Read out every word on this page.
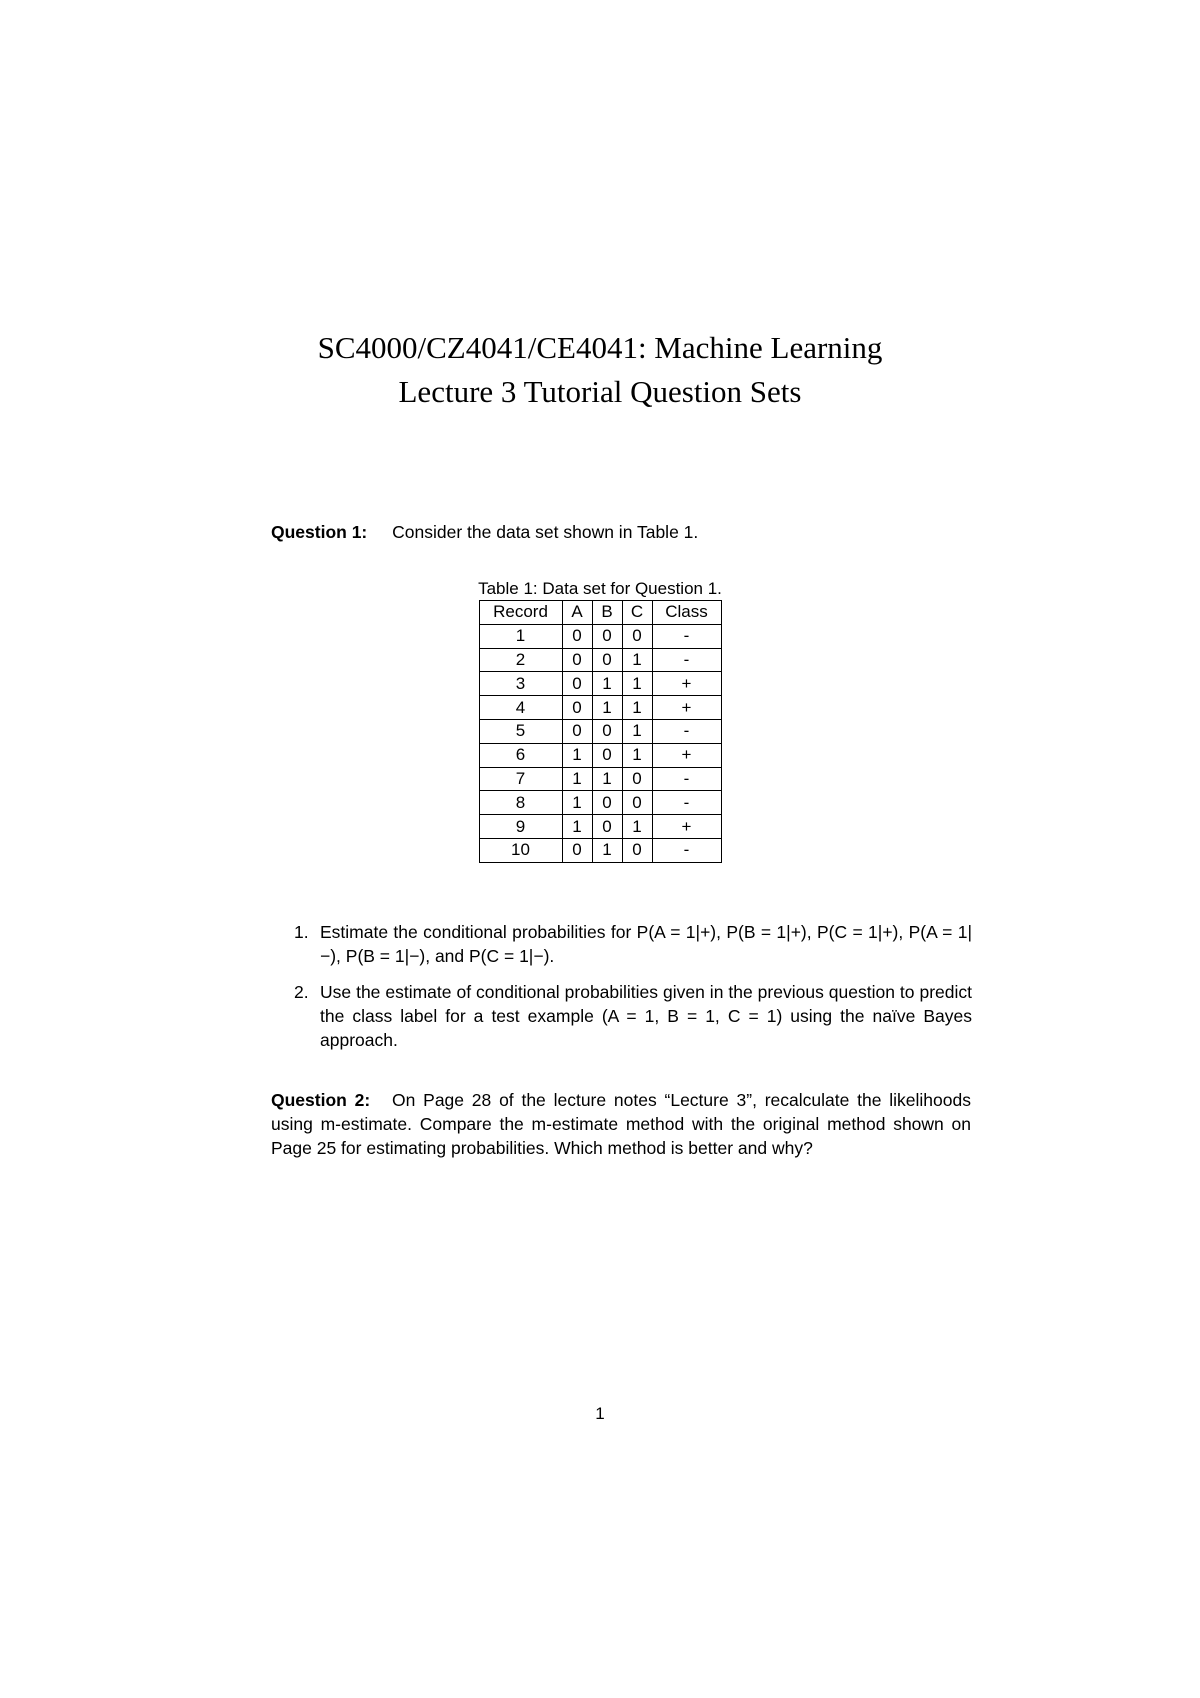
SC4000/CZ4041/CE4041: Machine Learning
Lecture 3 Tutorial Question Sets
Question 1: Consider the data set shown in Table 1.
Table 1: Data set for Question 1.
Record	A	B	C	Class
1	0	0	0	-
2	0	0	1	-
3	0	1	1	+
4	0	1	1	+
5	0	0	1	-
6	1	0	1	+
7	1	1	0	-
8	1	0	0	-
9	1	0	1	+
10	0	1	0	-
1. Estimate the conditional probabilities for P(A = 1|+), P(B = 1|+), P(C = 1|+), P(A = 1|−), P(B = 1|−), and P(C = 1|−).
2. Use the estimate of conditional probabilities given in the previous question to predict the class label for a test example (A = 1, B = 1, C = 1) using the naïve Bayes approach.
Question 2: On Page 28 of the lecture notes “Lecture 3”, recalculate the likelihoods using m-estimate. Compare the m-estimate method with the original method shown on Page 25 for estimating probabilities. Which method is better and why?
1
